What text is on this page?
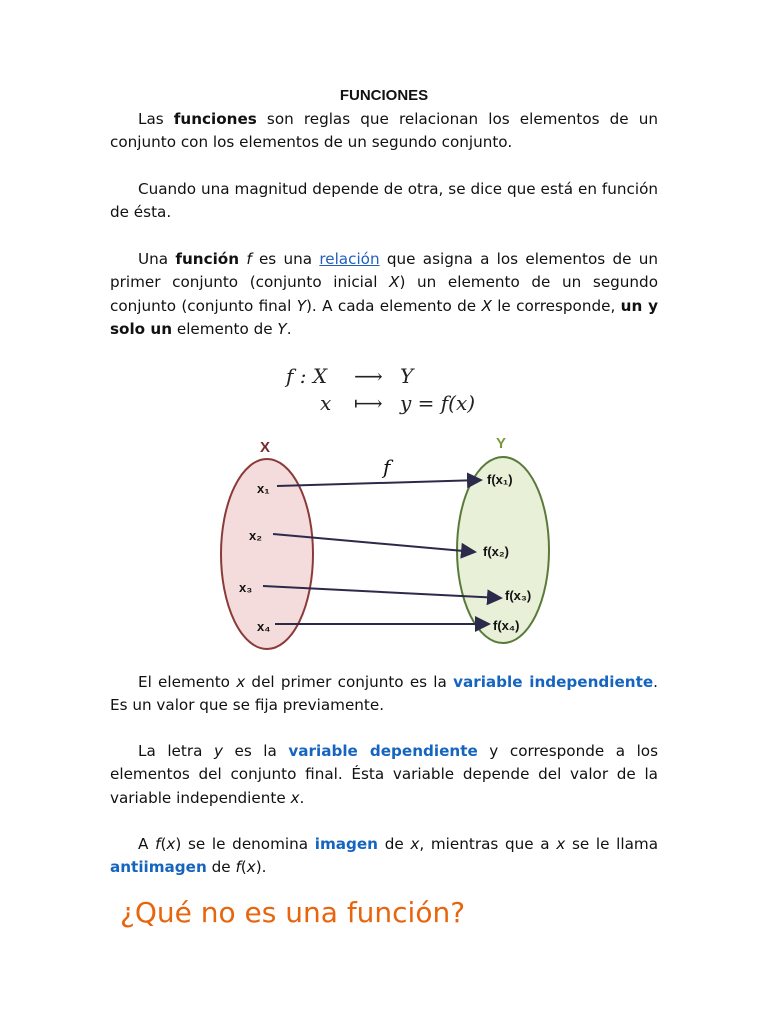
FUNCIONES

Las funciones son reglas que relacionan los elementos de un conjunto con los elementos de un segundo conjunto.

Cuando una magnitud depende de otra, se dice que está en función de ésta.

Una función f es una relación que asigna a los elementos de un primer conjunto (conjunto inicial X) un elemento de un segundo conjunto (conjunto final Y). A cada elemento de X le corresponde, un y solo un elemento de Y.

f : X ⟶ Y
x ⟼ y = f(x)
X	Y
f
x₁
x₂
x₃
x₄
f(x₁)
f(x₂)
f(x₃)
f(x₄)

El elemento x del primer conjunto es la variable independiente. Es un valor que se fija previamente.

La letra y es la variable dependiente y corresponde a los elementos del conjunto final. Ésta variable depende del valor de la variable independiente x.

A f(x) se le denomina imagen de x, mientras que a x se le llama antiimagen de f(x).

¿Qué no es una función?
